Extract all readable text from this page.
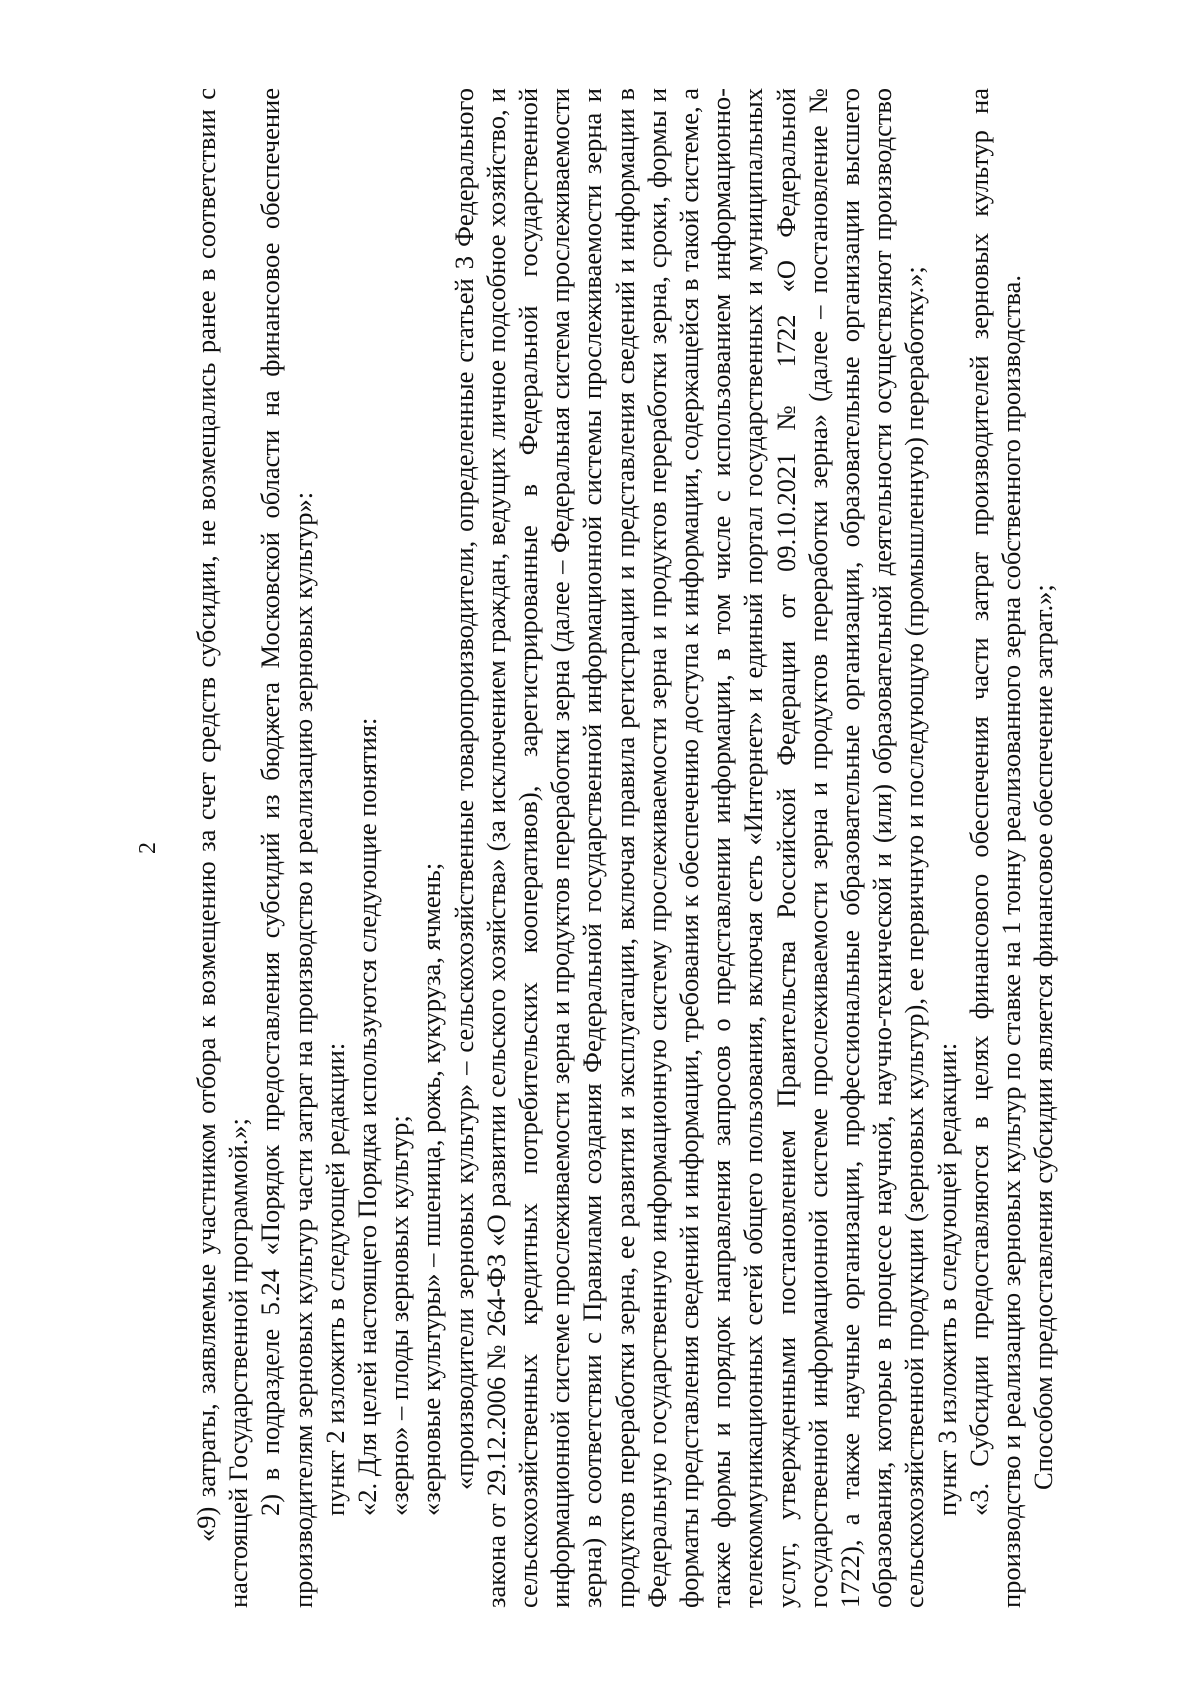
2 «9) затраты, заявляемые участником отбора к возмещению за счет средств субсидии, не возмещались ранее в соответствии с настоящей Государственной программой.»; 2) в подразделе 5.24 «Порядок предоставления субсидий из бюджета Московской области на финансовое обеспечение производителям зерновых культур части затрат на производство и реализацию зерновых культур»: пункт 2 изложить в следующей редакции: «2. Для целей настоящего Порядка используются следующие понятия: «зерно» – плоды зерновых культур; «зерновые культуры» – пшеница, рожь, кукуруза, ячмень; «производители зерновых культур» – сельскохозяйственные товаропроизводители, определенные статьей 3 Федерального закона от 29.12.2006 № 264-ФЗ «О развитии сельского хозяйства» (за исключением граждан, ведущих личное подсобное хозяйство, и сельскохозяйственных кредитных потребительских кооперативов), зарегистрированные в Федеральной государственной информационной системе прослеживаемости зерна и продуктов переработки зерна (далее – Федеральная система прослеживаемости зерна) в соответствии с Правилами создания Федеральной государственной информационной системы прослеживаемости зерна и продуктов переработки зерна, ее развития и эксплуатации, включая правила регистрации и представления сведений и информации в Федеральную государственную информационную систему прослеживаемости зерна и продуктов переработки зерна, сроки, формы и форматы представления сведений и информации, требования к обеспечению доступа к информации, содержащейся в такой системе, а также формы и порядок направления запросов о представлении информации, в том числе с использованием информационно-телекоммуникационных сетей общего пользования, включая сеть «Интернет» и единый портал государственных и муниципальных услуг, утвержденными постановлением Правительства Российской Федерации от 09.10.2021 № 1722 «О Федеральной государственной информационной системе прослеживаемости зерна и продуктов переработки зерна» (далее – постановление № 1722), а также научные организации, профессиональные образовательные организации, образовательные организации высшего образования, которые в процессе научной, научно-технической и (или) образовательной деятельности осуществляют производство сельскохозяйственной продукции (зерновых культур), ее первичную и последующую (промышленную) переработку.»; пункт 3 изложить в следующей редакции: «3. Субсидии предоставляются в целях финансового обеспечения части затрат производителей зерновых культур на производство и реализацию зерновых культур по ставке на 1 тонну реализованного зерна собственного производства. Способом предоставления субсидии является финансовое обеспечение затрат.»;
